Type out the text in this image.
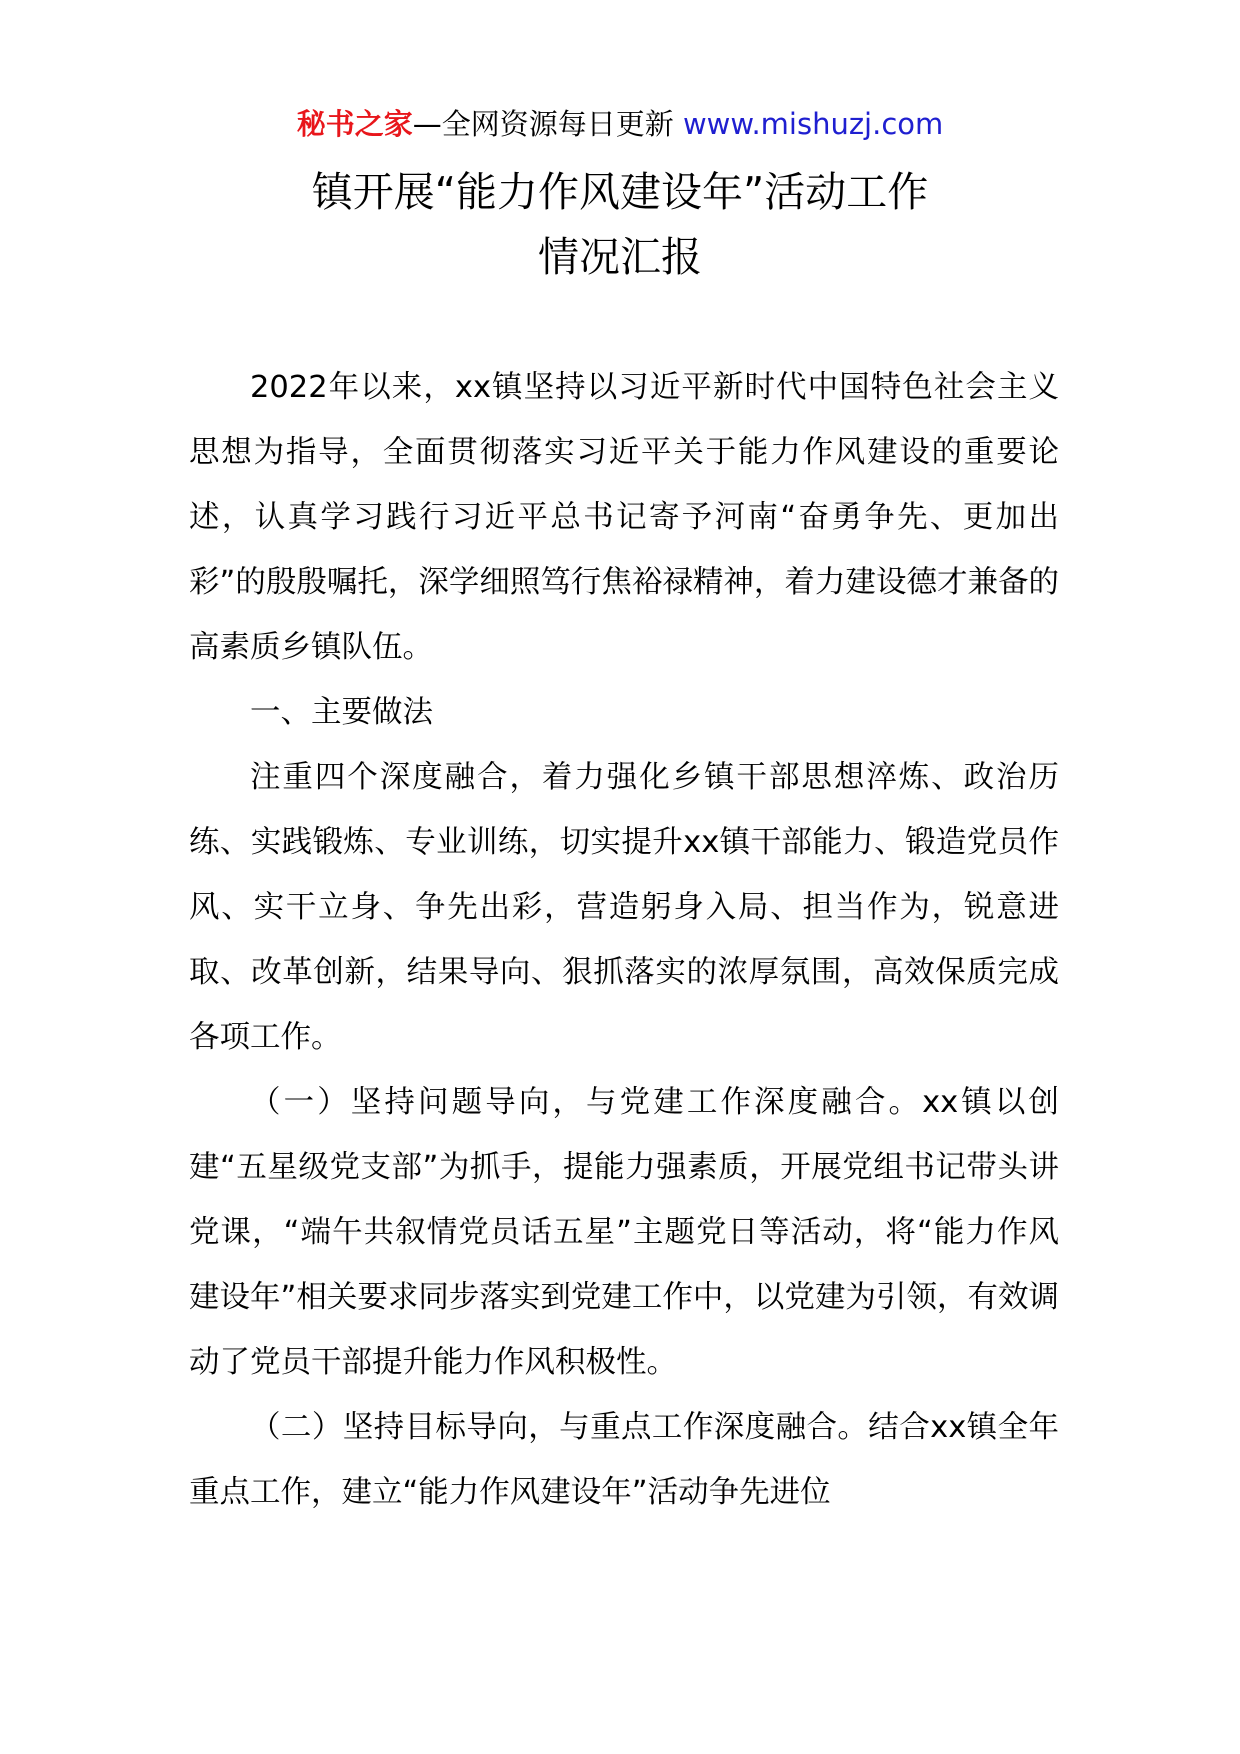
秘书之家—全网资源每日更新 www.mishuzj.com
镇开展“能力作风建设年”活动工作
情况汇报

2022年以来，xx镇坚持以习近平新时代中国特色社会主义思想为指导，全面贯彻落实习近平关于能力作风建设的重要论述，认真学习践行习近平总书记寄予河南“奋勇争先、更加出彩”的殷殷嘱托，深学细照笃行焦裕禄精神，着力建设德才兼备的高素质乡镇队伍。

一、主要做法

注重四个深度融合，着力强化乡镇干部思想淬炼、政治历练、实践锻炼、专业训练，切实提升xx镇干部能力、锻造党员作风、实干立身、争先出彩，营造躬身入局、担当作为，锐意进取、改革创新，结果导向、狠抓落实的浓厚氛围，高效保质完成各项工作。

（一）坚持问题导向，与党建工作深度融合。xx镇以创建“五星级党支部”为抓手，提能力强素质，开展党组书记带头讲党课，“端午共叙情党员话五星”主题党日等活动，将“能力作风建设年”相关要求同步落实到党建工作中，以党建为引领，有效调动了党员干部提升能力作风积极性。

（二）坚持目标导向，与重点工作深度融合。结合xx镇全年重点工作，建立“能力作风建设年”活动争先进位
